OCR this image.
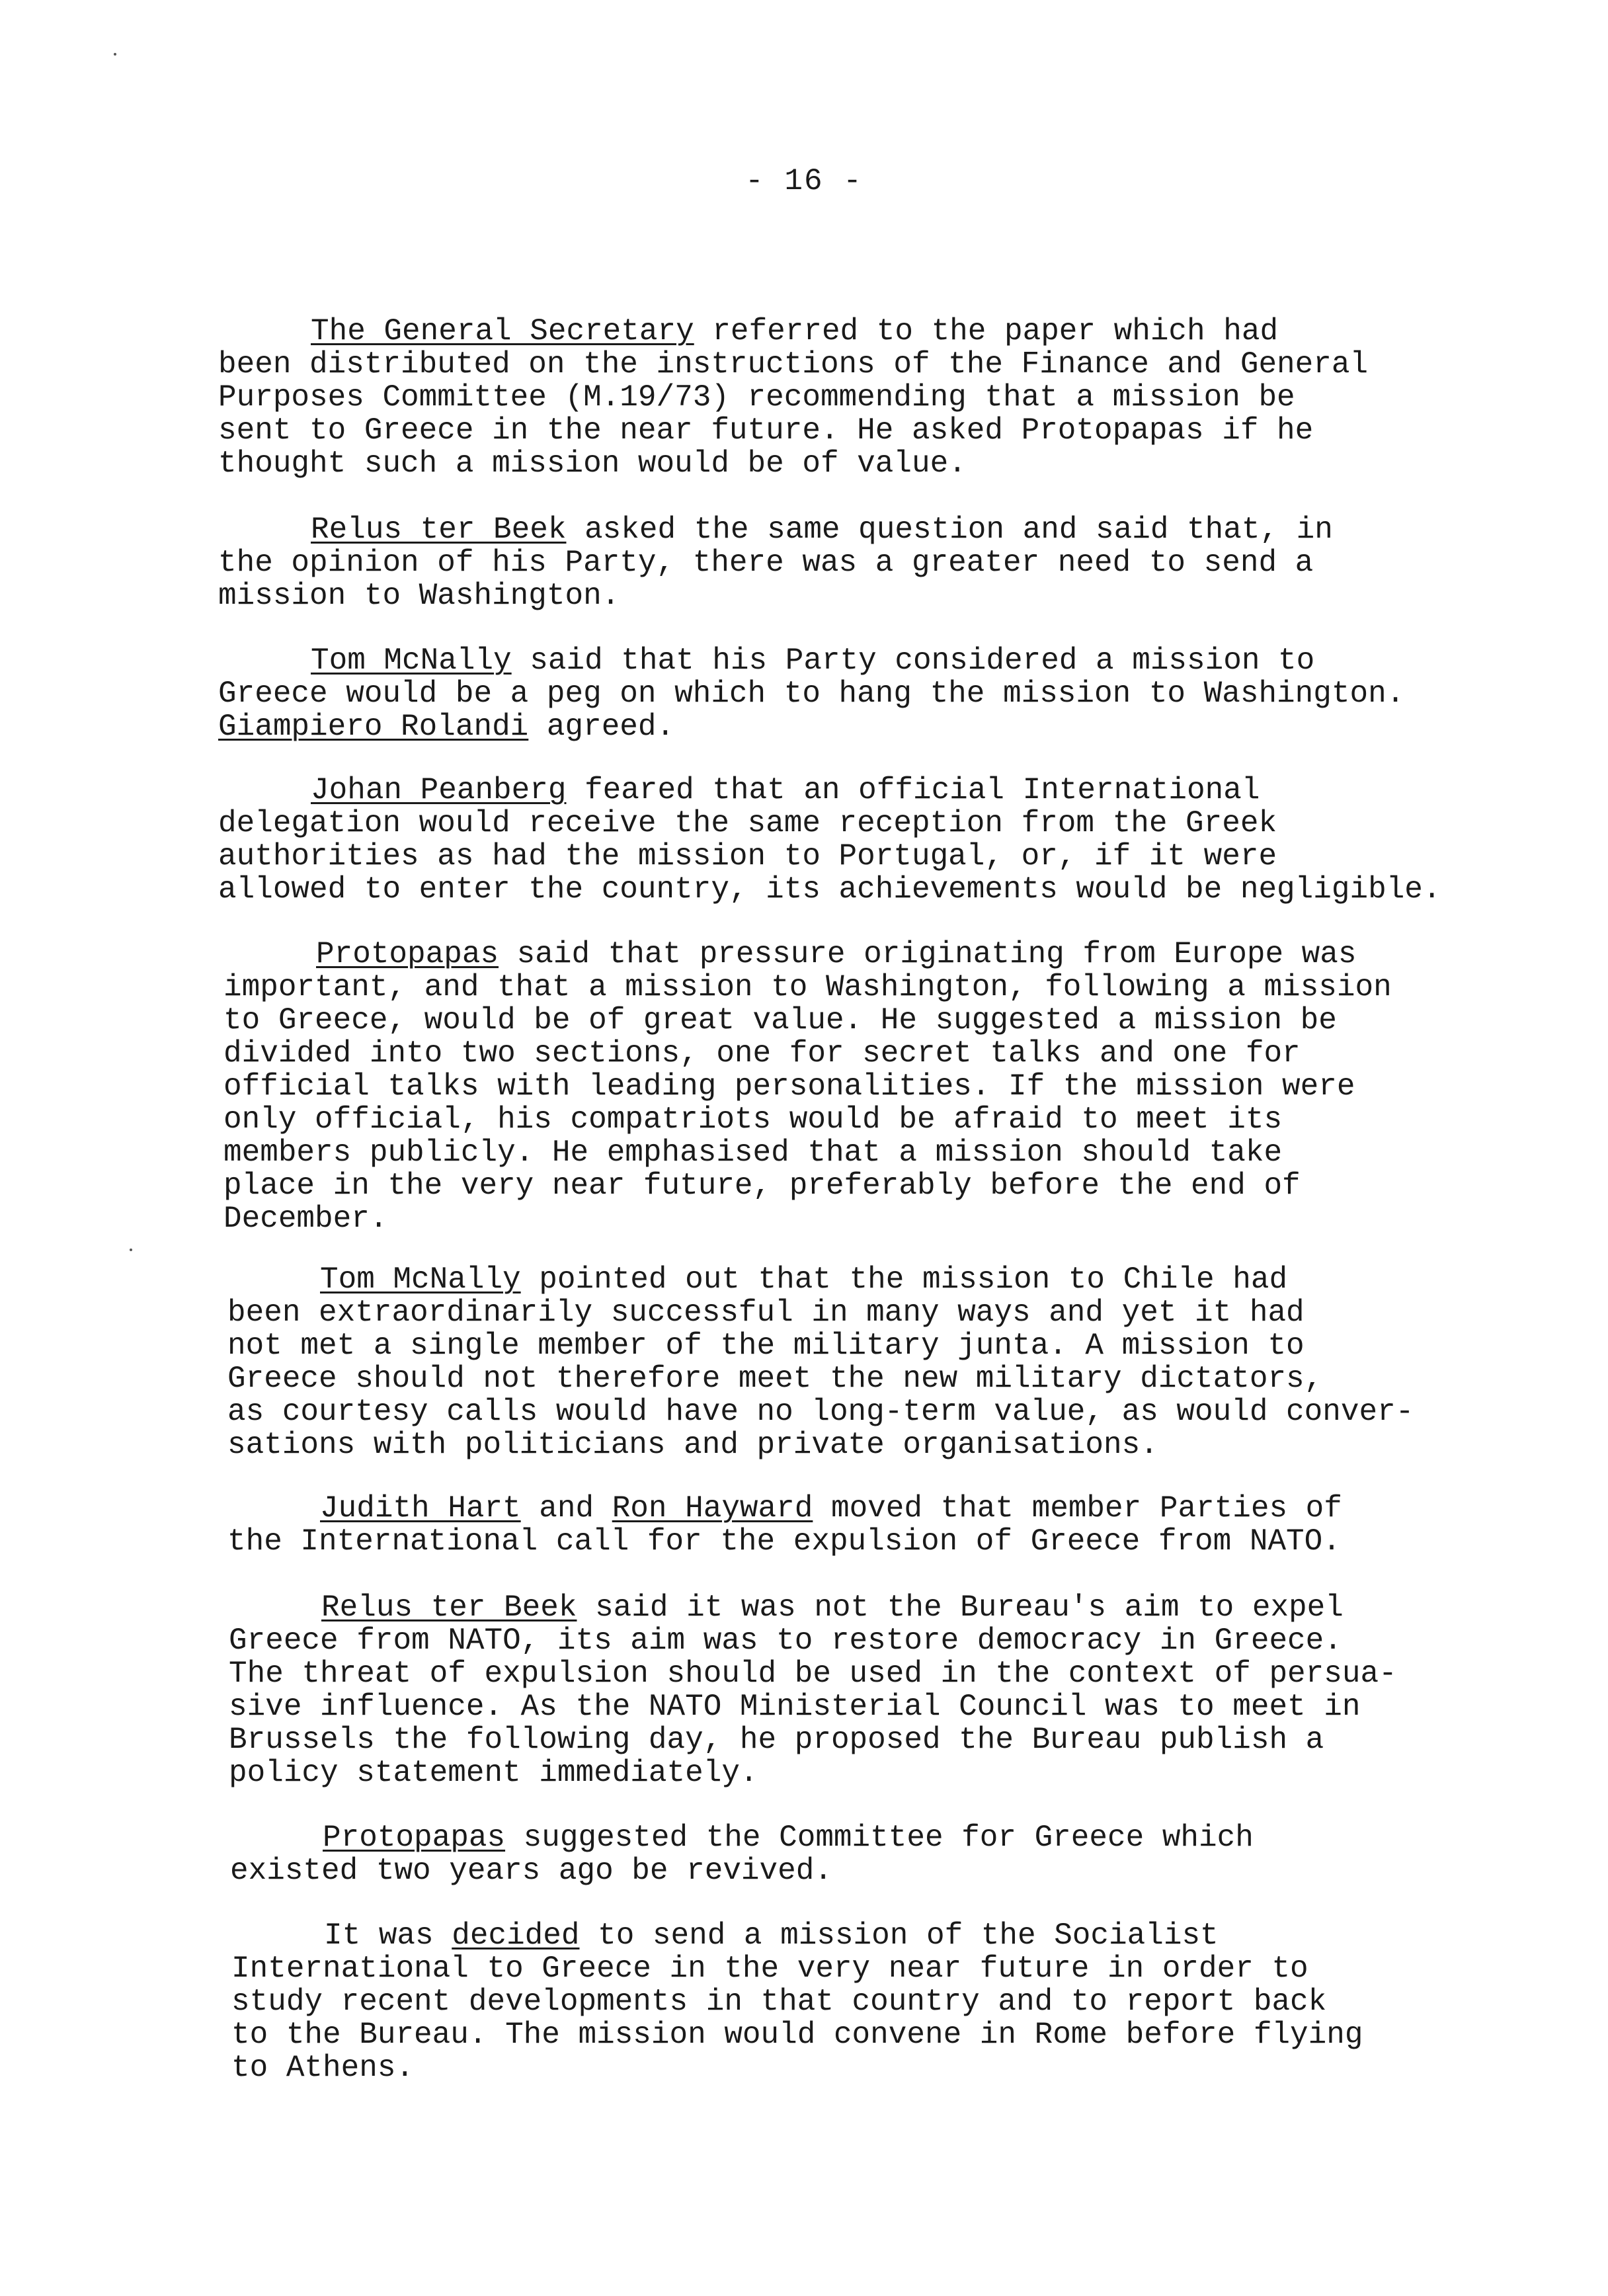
- 16 -

The General Secretary referred to the paper which had
been distributed on the instructions of the Finance and General
Purposes Committee (M.19/73) recommending that a mission be
sent to Greece in the near future. He asked Protopapas if he
thought such a mission would be of value.

Relus ter Beek asked the same question and said that, in
the opinion of his Party, there was a greater need to send a
mission to Washington.

Tom McNally said that his Party considered a mission to
Greece would be a peg on which to hang the mission to Washington.
Giampiero Rolandi agreed.

Johan Peanberg feared that an official International
delegation would receive the same reception from the Greek
authorities as had the mission to Portugal, or, if it were
allowed to enter the country, its achievements would be negligible.

Protopapas said that pressure originating from Europe was
important, and that a mission to Washington, following a mission
to Greece, would be of great value. He suggested a mission be
divided into two sections, one for secret talks and one for
official talks with leading personalities. If the mission were
only official, his compatriots would be afraid to meet its
members publicly. He emphasised that a mission should take
place in the very near future, preferably before the end of
December.

Tom McNally pointed out that the mission to Chile had
been extraordinarily successful in many ways and yet it had
not met a single member of the military junta. A mission to
Greece should not therefore meet the new military dictators,
as courtesy calls would have no long-term value, as would conver-
sations with politicians and private organisations.

Judith Hart and Ron Hayward moved that member Parties of
the International call for the expulsion of Greece from NATO.

Relus ter Beek said it was not the Bureau's aim to expel
Greece from NATO, its aim was to restore democracy in Greece.
The threat of expulsion should be used in the context of persua-
sive influence. As the NATO Ministerial Council was to meet in
Brussels the following day, he proposed the Bureau publish a
policy statement immediately.

Protopapas suggested the Committee for Greece which
existed two years ago be revived.

It was decided to send a mission of the Socialist
International to Greece in the very near future in order to
study recent developments in that country and to report back
to the Bureau. The mission would convene in Rome before flying
to Athens.
